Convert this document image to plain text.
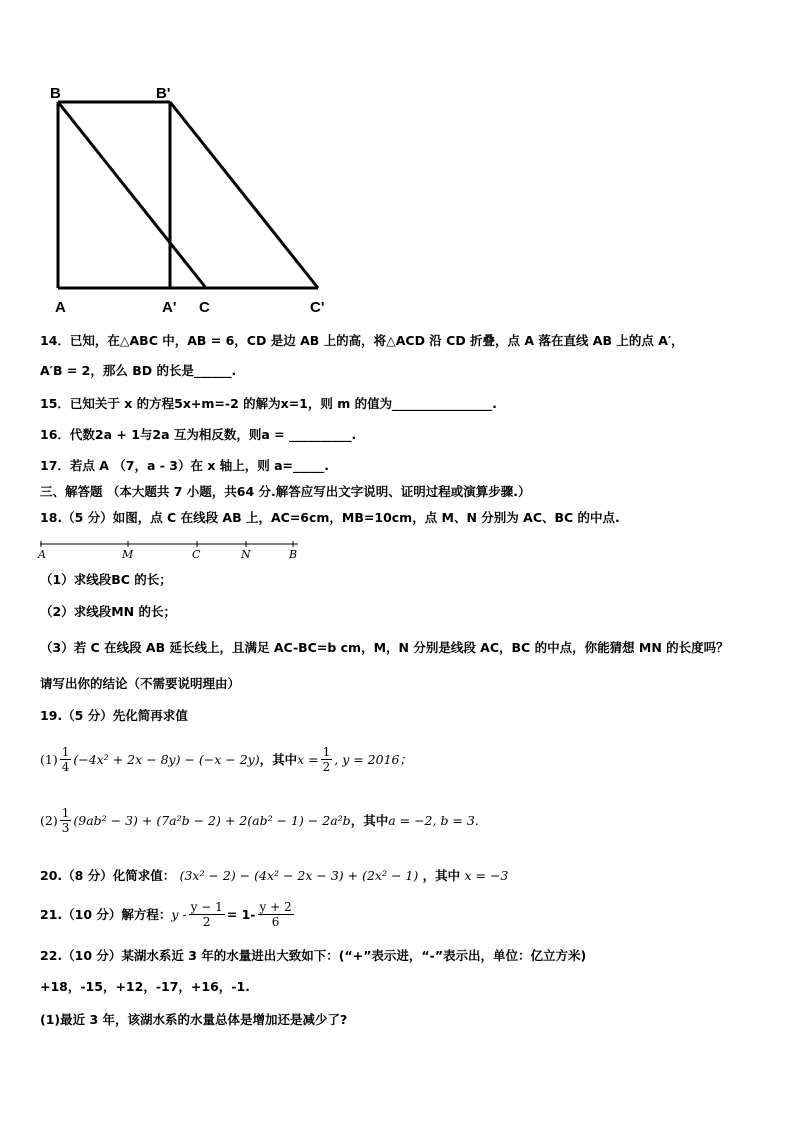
B	B'
A	A' C	C'
14．已知，在△ABC 中，AB = 6，CD 是边 AB 上的高，将△ACD 沿 CD 折叠，点 A 落在直线 AB 上的点 A′，
A′B = 2，那么 BD 的长是______.
15．已知关于 x 的方程5x+m=-2 的解为x=1，则 m 的值为________________.
16．代数2a + 1与2a 互为相反数，则a = __________.
17．若点 A （7，a - 3）在 x 轴上，则 a=_____.
三、解答题 （本大题共 7 小题，共64 分.解答应写出文字说明、证明过程或演算步骤.）
18.（5 分）如图，点 C 在线段 AB 上，AC=6cm，MB=10cm，点 M、N 分别为 AC、BC 的中点.
A	M	C	N	B
（1）求线段BC 的长；
（2）求线段MN 的长；
（3）若 C 在线段 AB 延长线上，且满足 AC-BC=b cm，M，N 分别是线段 AC，BC 的中点，你能猜想 MN 的长度吗？
请写出你的结论（不需要说明理由）
19.（5 分）先化简再求值
$(1) \frac{1}{4} (-4x^2 + 2x - 8y) - (-x - 2y)$ ，其中 $x = \frac{1}{2}$ , y = 2016；
$(2) \frac{1}{3} (9ab^2 - 3) + (7a^2b - 2) + 2(ab^2 - 1) - 2a^2b$ ，其中 a = −2, b = 3.
20.（8 分）化简求值： (3x² − 2) − (4x² − 2x − 3) + (2x² − 1) ，其中 x = −3
21.（10 分）解方程： $y - \frac{y - 1}{2} = 1- \frac{y + 2}{6}$
22.（10 分）某湖水系近 3 年的水量进出大致如下：(“+”表示进，“-”表示出，单位：亿立方米)
+18，-15，+12，-17，+16，-1.
(1)最近 3 年，该湖水系的水量总体是增加还是减少了?
